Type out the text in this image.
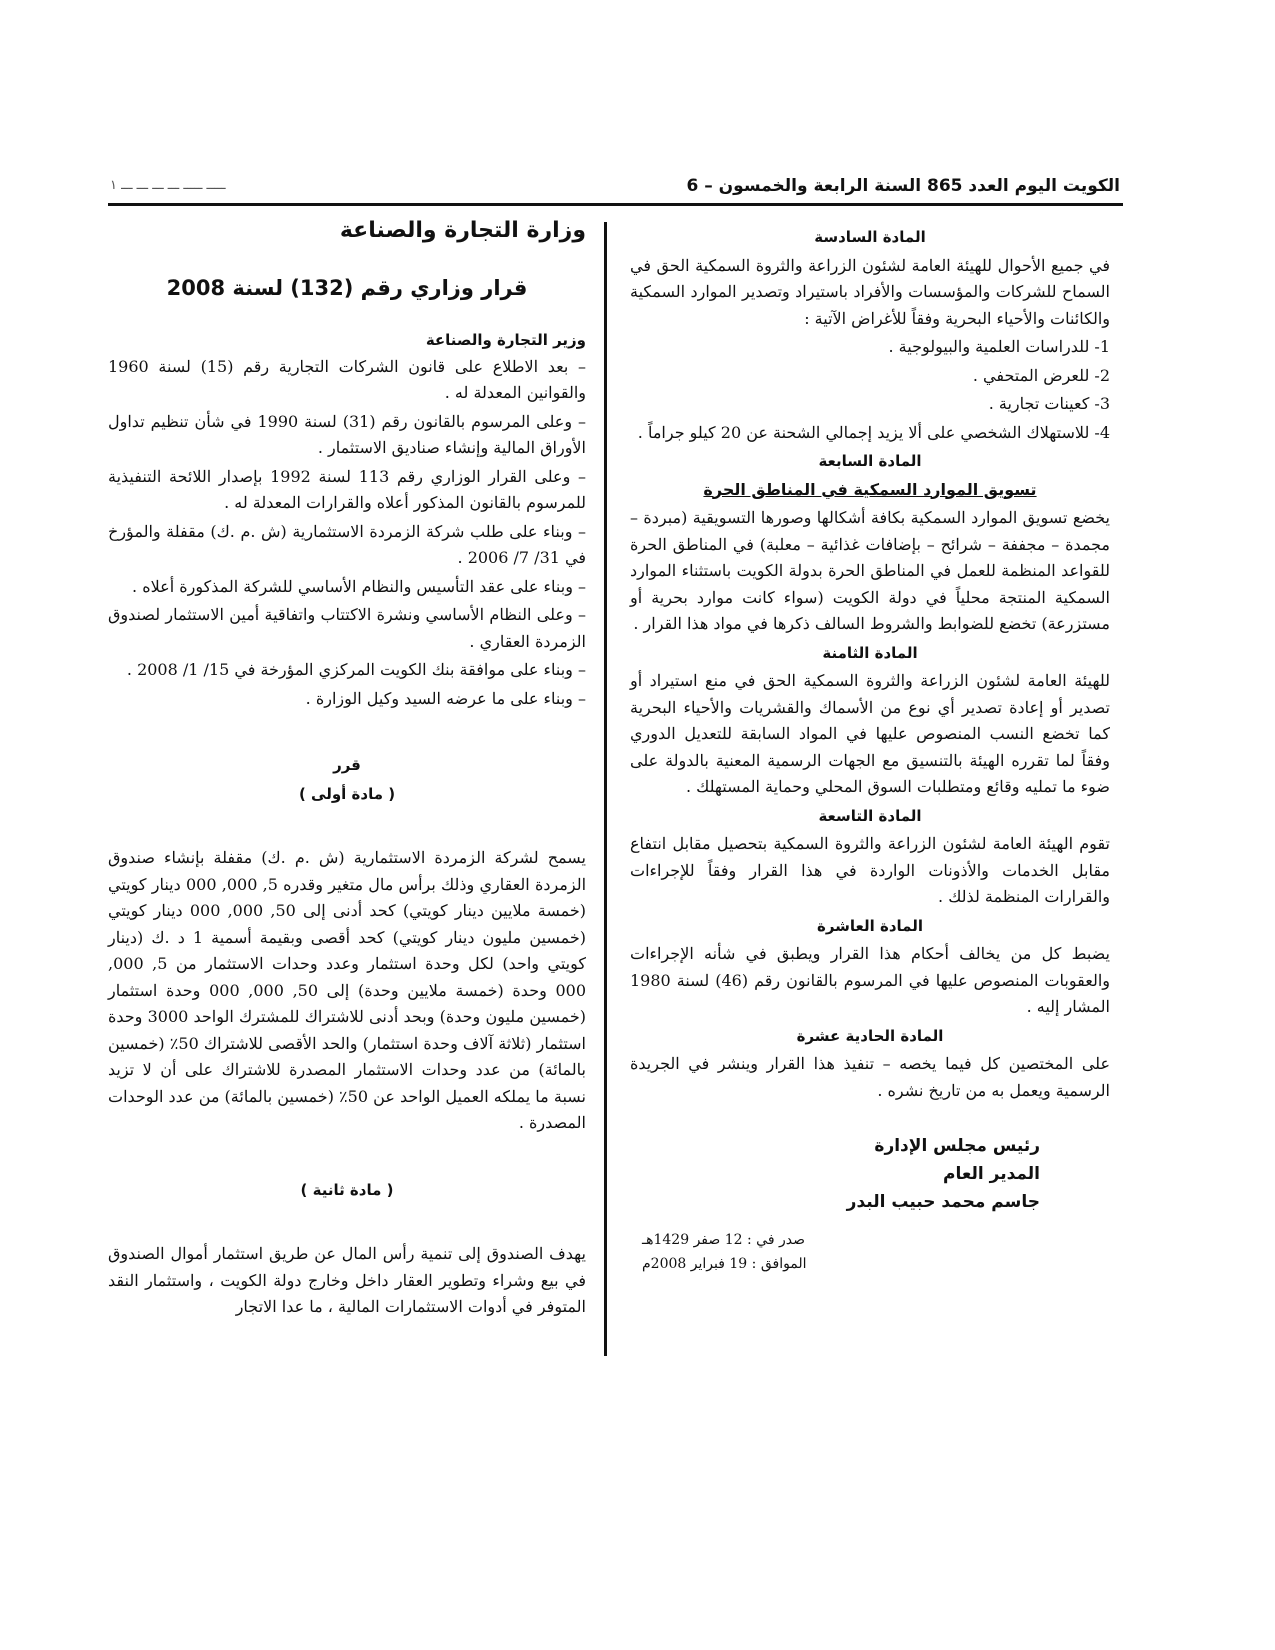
ـــــ ـــــ ـــ ـــ ـــ ـــ ١	الكويت اليوم العدد 865 السنة الرابعة والخمسون – 6

المادة السادسة

في جميع الأحوال للهيئة العامة لشئون الزراعة والثروة السمكية الحق في السماح للشركات والمؤسسات والأفراد باستيراد وتصدير الموارد السمكية والكائنات والأحياء البحرية وفقاً للأغراض الآتية :

1- للدراسات العلمية والبيولوجية .

2- للعرض المتحفي .

3- كعينات تجارية .

4- للاستهلاك الشخصي على ألا يزيد إجمالي الشحنة عن 20 كيلو جراماً .

المادة السابعة

تسويق الموارد السمكية في المناطق الحرة

يخضع تسويق الموارد السمكية بكافة أشكالها وصورها التسويقية (مبردة – مجمدة – مجففة – شرائح – بإضافات غذائية – معلبة) في المناطق الحرة للقواعد المنظمة للعمل في المناطق الحرة بدولة الكويت باستثناء الموارد السمكية المنتجة محلياً في دولة الكويت (سواء كانت موارد بحرية أو مستزرعة) تخضع للضوابط والشروط السالف ذكرها في مواد هذا القرار .

المادة الثامنة

للهيئة العامة لشئون الزراعة والثروة السمكية الحق في منع استيراد أو تصدير أو إعادة تصدير أي نوع من الأسماك والقشريات والأحياء البحرية كما تخضع النسب المنصوص عليها في المواد السابقة للتعديل الدوري وفقاً لما تقرره الهيئة بالتنسيق مع الجهات الرسمية المعنية بالدولة على ضوء ما تمليه وقائع ومتطلبات السوق المحلي وحماية المستهلك .

المادة التاسعة

تقوم الهيئة العامة لشئون الزراعة والثروة السمكية بتحصيل مقابل انتفاع مقابل الخدمات والأذونات الواردة في هذا القرار وفقاً للإجراءات والقرارات المنظمة لذلك .

المادة العاشرة

يضبط كل من يخالف أحكام هذا القرار ويطبق في شأنه الإجراءات والعقوبات المنصوص عليها في المرسوم بالقانون رقم (46) لسنة 1980 المشار إليه .

المادة الحادية عشرة

على المختصين كل فيما يخصه – تنفيذ هذا القرار وينشر في الجريدة الرسمية ويعمل به من تاريخ نشره .

رئيس مجلس الإدارة

المدير العام

جاسم محمد حبيب البدر

صدر في : 12 صفر 1429هـ

الموافق : 19 فبراير 2008م

وزارة التجارة والصناعة

قرار وزاري رقم (132) لسنة 2008

وزير التجارة والصناعة

– بعد الاطلاع على قانون الشركات التجارية رقم (15) لسنة 1960 والقوانين المعدلة له .

– وعلى المرسوم بالقانون رقم (31) لسنة 1990 في شأن تنظيم تداول الأوراق المالية وإنشاء صناديق الاستثمار .

– وعلى القرار الوزاري رقم 113 لسنة 1992 بإصدار اللائحة التنفيذية للمرسوم بالقانون المذكور أعلاه والقرارات المعدلة له .

– وبناء على طلب شركة الزمردة الاستثمارية (ش .م .ك) مقفلة والمؤرخ في 31/ 7/ 2006 .

– وبناء على عقد التأسيس والنظام الأساسي للشركة المذكورة أعلاه .

– وعلى النظام الأساسي ونشرة الاكتتاب واتفاقية أمين الاستثمار لصندوق الزمردة العقاري .

– وبناء على موافقة بنك الكويت المركزي المؤرخة في 15/ 1/ 2008 .

– وبناء على ما عرضه السيد وكيل الوزارة .

قرر

( مادة أولى )

يسمح لشركة الزمردة الاستثمارية (ش .م .ك) مقفلة بإنشاء صندوق الزمردة العقاري وذلك برأس مال متغير وقدره 5, 000, 000 دينار كويتي (خمسة ملايين دينار كويتي) كحد أدنى إلى 50, 000, 000 دينار كويتي (خمسين مليون دينار كويتي) كحد أقصى وبقيمة أسمية 1 د .ك (دينار كويتي واحد) لكل وحدة استثمار وعدد وحدات الاستثمار من 5, 000, 000 وحدة (خمسة ملايين وحدة) إلى 50, 000, 000 وحدة استثمار (خمسين مليون وحدة) وبحد أدنى للاشتراك للمشترك الواحد 3000 وحدة استثمار (ثلاثة آلاف وحدة استثمار) والحد الأقصى للاشتراك 50٪ (خمسين بالمائة) من عدد وحدات الاستثمار المصدرة للاشتراك على أن لا تزيد نسبة ما يملكه العميل الواحد عن 50٪ (خمسين بالمائة) من عدد الوحدات المصدرة .

( مادة ثانية )

يهدف الصندوق إلى تنمية رأس المال عن طريق استثمار أموال الصندوق في بيع وشراء وتطوير العقار داخل وخارج دولة الكويت ، واستثمار النقد المتوفر في أدوات الاستثمارات المالية ، ما عدا الاتجار
